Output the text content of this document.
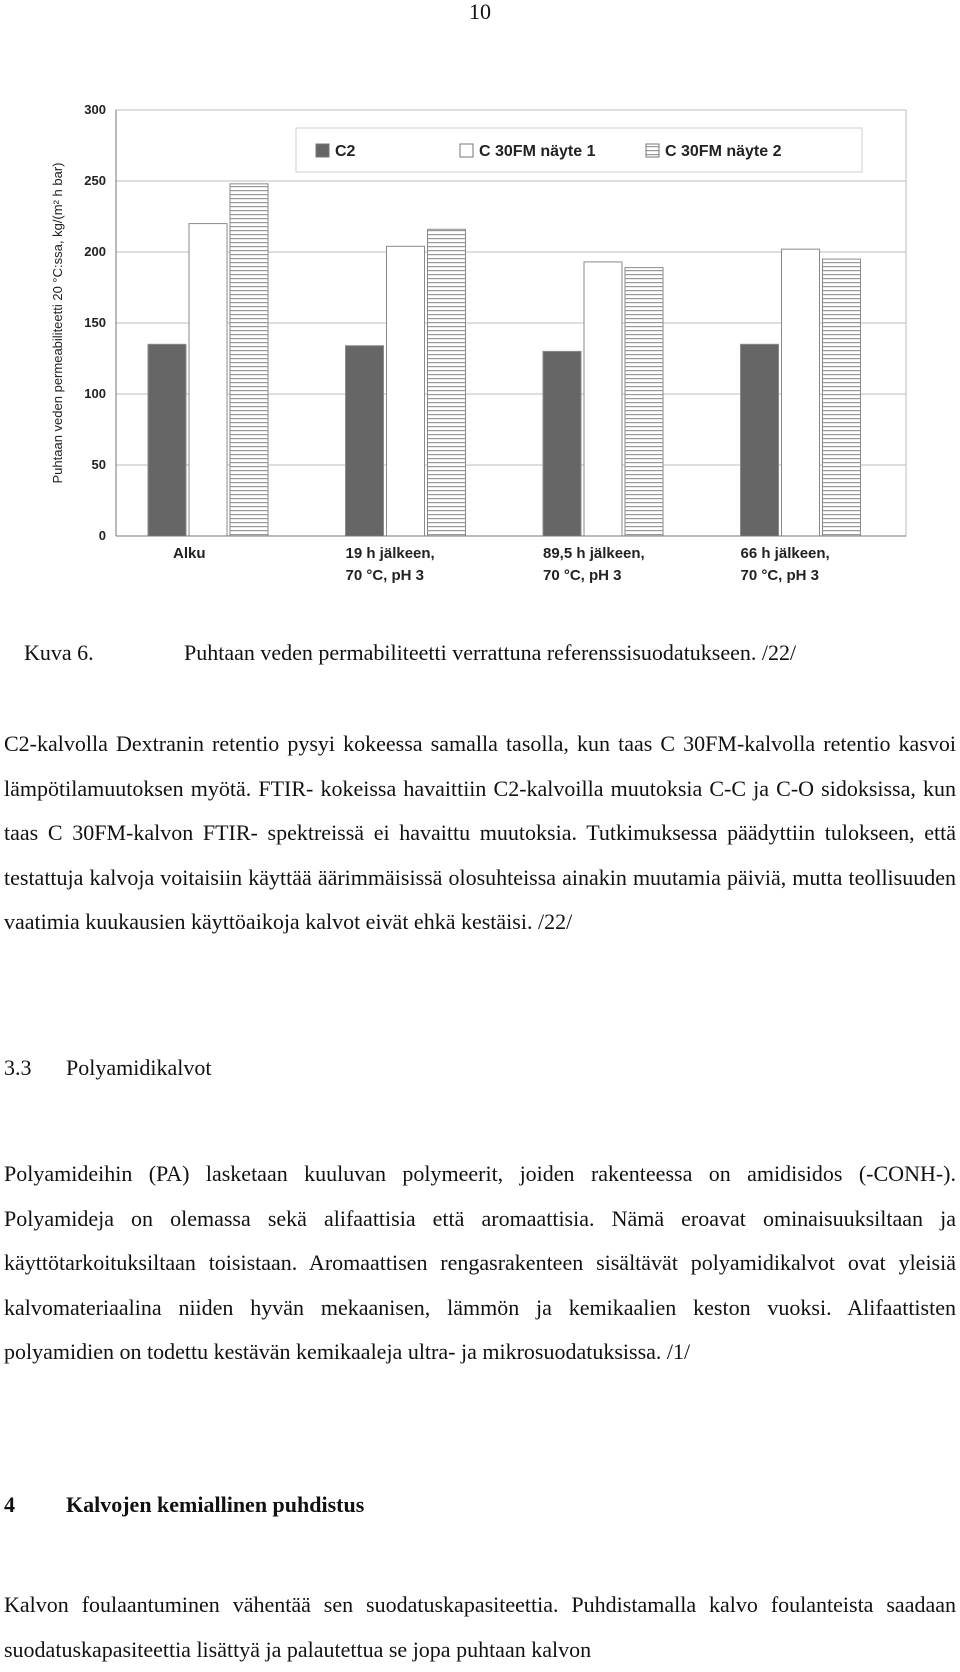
10
0
50
100
150
200
250
300
Puhtaan veden permeabiliteetti 20 °C:ssa, kg/(m² h bar)
Alku	19 h jälkeen,
70 °C, pH 3
89,5 h jälkeen,
70 °C, pH 3
66 h jälkeen,
70 °C, pH 3
C2	C 30FM näyte 1	C 30FM näyte 2
Kuva 6.	Puhtaan veden permabiliteetti verrattuna referenssisuodatukseen. /22/
C2-kalvolla Dextranin retentio pysyi kokeessa samalla tasolla, kun taas C 30FM-kalvolla retentio kasvoi lämpötilamuutoksen myötä. FTIR- kokeissa havaittiin C2-kalvoilla muutoksia C-C ja C-O sidoksissa, kun taas C 30FM-kalvon FTIR- spektreissä ei havaittu muutoksia. Tutkimuksessa päädyttiin tulokseen, että testattuja kalvoja voitaisiin käyttää äärimmäisissä olosuhteissa ainakin muutamia päiviä, mutta teollisuuden vaatimia kuukausien käyttöaikoja kalvot eivät ehkä kestäisi. /22/
3.3 Polyamidikalvot
Polyamideihin (PA) lasketaan kuuluvan polymeerit, joiden rakenteessa on amidisidos (-CONH-). Polyamideja on olemassa sekä alifaattisia että aromaattisia. Nämä eroavat ominaisuuksiltaan ja käyttötarkoituksiltaan toisistaan. Aromaattisen rengasrakenteen sisältävät polyamidikalvot ovat yleisiä kalvomateriaalina niiden hyvän mekaanisen, lämmön ja kemikaalien keston vuoksi. Alifaattisten polyamidien on todettu kestävän kemikaaleja ultra- ja mikrosuodatuksissa. /1/
4 Kalvojen kemiallinen puhdistus
Kalvon foulaantuminen vähentää sen suodatuskapasiteettia. Puhdistamalla kalvo foulanteista saadaan suodatuskapasiteettia lisättyä ja palautettua se jopa puhtaan kalvon
